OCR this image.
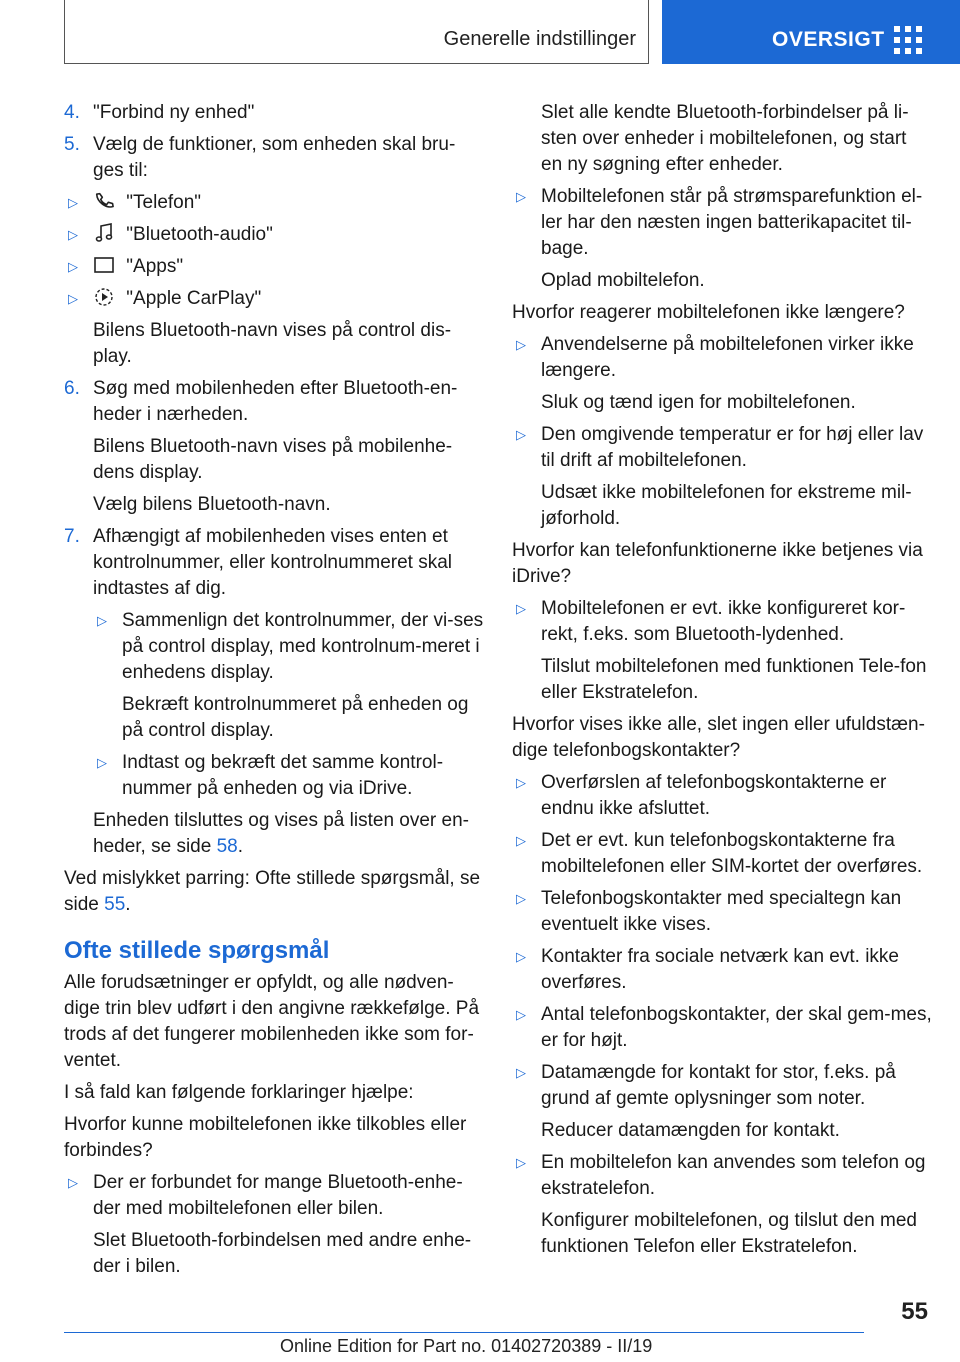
Generelle indstillinger	OVERSIGT
4. "Forbind ny enhed"
5. Vælg de funktioner, som enheden skal bru-ges til:
▷	"Telefon"
▷	"Bluetooth-audio"
▷	"Apps"
▷	"Apple CarPlay"
Bilens Bluetooth-navn vises på control dis-play.
6. Søg med mobilenheden efter Bluetooth-en-heder i nærheden.
Bilens Bluetooth-navn vises på mobilenhe-dens display.
Vælg bilens Bluetooth-navn.
7. Afhængigt af mobilenheden vises enten et kontrolnummer, eller kontrolnummeret skal indtastes af dig.
▷ Sammenlign det kontrolnummer, der vi-ses på control display, med kontrolnum-meret i enhedens display.
Bekræft kontrolnummeret på enheden og på control display.
▷ Indtast og bekræft det samme kontrol-nummer på enheden og via iDrive.
Enheden tilsluttes og vises på listen over en-heder, se side 58.
Ved mislykket parring: Ofte stillede spørgsmål, se side 55.
Ofte stillede spørgsmål
Alle forudsætninger er opfyldt, og alle nødven-dige trin blev udført i den angivne rækkefølge. På trods af det fungerer mobilenheden ikke som for-ventet.
I så fald kan følgende forklaringer hjælpe:
Hvorfor kunne mobiltelefonen ikke tilkobles eller forbindes?
▷ Der er forbundet for mange Bluetooth-enhe-der med mobiltelefonen eller bilen.
Slet Bluetooth-forbindelsen med andre enhe-der i bilen.
Slet alle kendte Bluetooth-forbindelser på li-sten over enheder i mobiltelefonen, og start en ny søgning efter enheder.
▷ Mobiltelefonen står på strømsparefunktion el-ler har den næsten ingen batterikapacitet til-bage.
Oplad mobiltelefon.
Hvorfor reagerer mobiltelefonen ikke længere?
▷ Anvendelserne på mobiltelefonen virker ikke længere.
Sluk og tænd igen for mobiltelefonen.
▷ Den omgivende temperatur er for høj eller lav til drift af mobiltelefonen.
Udsæt ikke mobiltelefonen for ekstreme mil-jøforhold.
Hvorfor kan telefonfunktionerne ikke betjenes via iDrive?
▷ Mobiltelefonen er evt. ikke konfigureret kor-rekt, f.eks. som Bluetooth-lydenhed.
Tilslut mobiltelefonen med funktionen Tele-fon eller Ekstratelefon.
Hvorfor vises ikke alle, slet ingen eller ufuldstæn-dige telefonbogskontakter?
▷ Overførslen af telefonbogskontakterne er endnu ikke afsluttet.
▷ Det er evt. kun telefonbogskontakterne fra mobiltelefonen eller SIM-kortet der overføres.
▷ Telefonbogskontakter med specialtegn kan eventuelt ikke vises.
▷ Kontakter fra sociale netværk kan evt. ikke overføres.
▷ Antal telefonbogskontakter, der skal gem-mes, er for højt.
▷ Datamængde for kontakt for stor, f.eks. på grund af gemte oplysninger som noter.
Reducer datamængden for kontakt.
▷ En mobiltelefon kan anvendes som telefon og ekstratelefon.
Konfigurer mobiltelefonen, og tilslut den med funktionen Telefon eller Ekstratelefon.
55
Online Edition for Part no. 01402720389 - II/19
